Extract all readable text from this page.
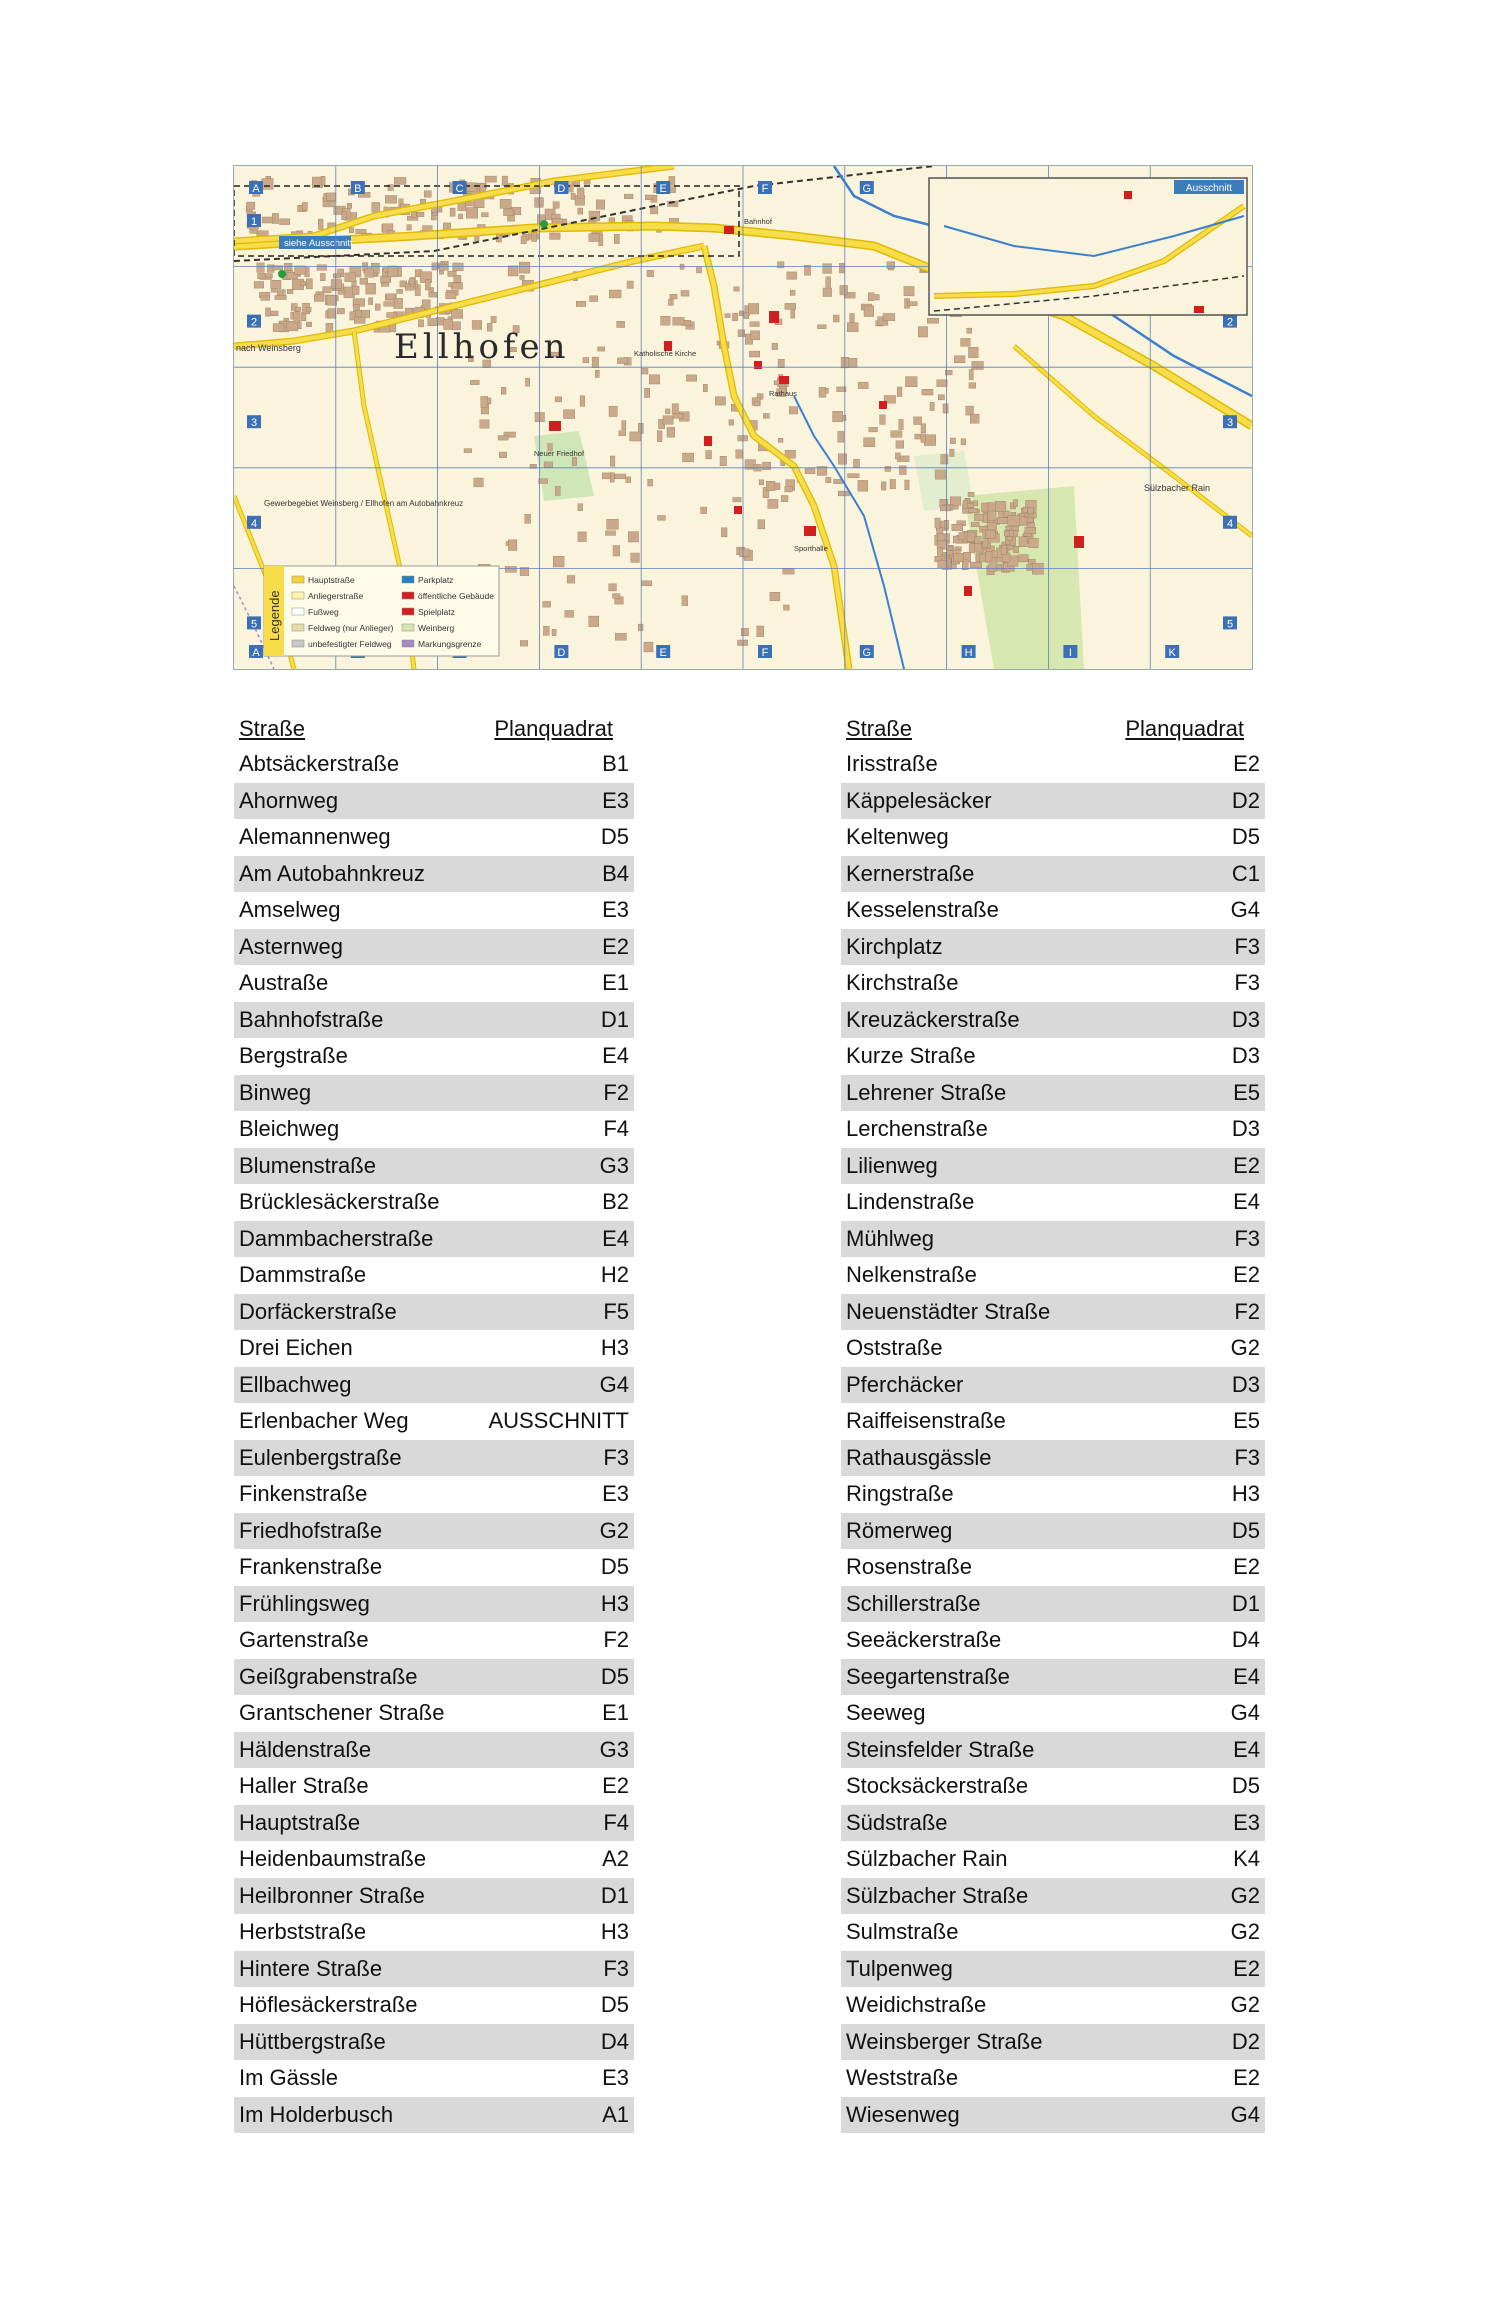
siehe Ausschnitt
A
A
B	C	D
D
E
E
F
F
G
G	H	I	K
1
2	2
3	3
4	4
5	5
Ellhofen
nach Weinsberg
Gewerbegebiet Weinsberg / Ellhofen am Autobahnkreuz
Sülzbacher Rain
Katholische Kirche
Rathaus
Sporthalle
Neuer Friedhof
Bahnhof
Ausschnitt
Legende
Hauptstraße
Anliegerstraße
Fußweg
Feldweg (nur Anlieger)
unbefestigter Feldweg
Parkplatz
öffentliche Gebäude
Spielplatz
Weinberg
Markungsgrenze
Straße	Planquadrat
Abtsäckerstraße	B1
Ahornweg	E3
Alemannenweg	D5
Am Autobahnkreuz	B4
Amselweg	E3
Asternweg	E2
Austraße	E1
Bahnhofstraße	D1
Bergstraße	E4
Binweg	F2
Bleichweg	F4
Blumenstraße	G3
Brücklesäckerstraße	B2
Dammbacherstraße	E4
Dammstraße	H2
Dorfäckerstraße	F5
Drei Eichen	H3
Ellbachweg	G4
Erlenbacher Weg	AUSSCHNITT
Eulenbergstraße	F3
Finkenstraße	E3
Friedhofstraße	G2
Frankenstraße	D5
Frühlingsweg	H3
Gartenstraße	F2
Geißgrabenstraße	D5
Grantschener Straße	E1
Häldenstraße	G3
Haller Straße	E2
Hauptstraße	F4
Heidenbaumstraße	A2
Heilbronner Straße	D1
Herbststraße	H3
Hintere Straße	F3
Höflesäckerstraße	D5
Hüttbergstraße	D4
Im Gässle	E3
Im Holderbusch	A1
Straße	Planquadrat
Irisstraße	E2
Käppelesäcker	D2
Keltenweg	D5
Kernerstraße	C1
Kesselenstraße	G4
Kirchplatz	F3
Kirchstraße	F3
Kreuzäckerstraße	D3
Kurze Straße	D3
Lehrener Straße	E5
Lerchenstraße	D3
Lilienweg	E2
Lindenstraße	E4
Mühlweg	F3
Nelkenstraße	E2
Neuenstädter Straße	F2
Oststraße	G2
Pferchäcker	D3
Raiffeisenstraße	E5
Rathausgässle	F3
Ringstraße	H3
Römerweg	D5
Rosenstraße	E2
Schillerstraße	D1
Seeäckerstraße	D4
Seegartenstraße	E4
Seeweg	G4
Steinsfelder Straße	E4
Stocksäckerstraße	D5
Südstraße	E3
Sülzbacher Rain	K4
Sülzbacher Straße	G2
Sulmstraße	G2
Tulpenweg	E2
Weidichstraße	G2
Weinsberger Straße	D2
Weststraße	E2
Wiesenweg	G4
